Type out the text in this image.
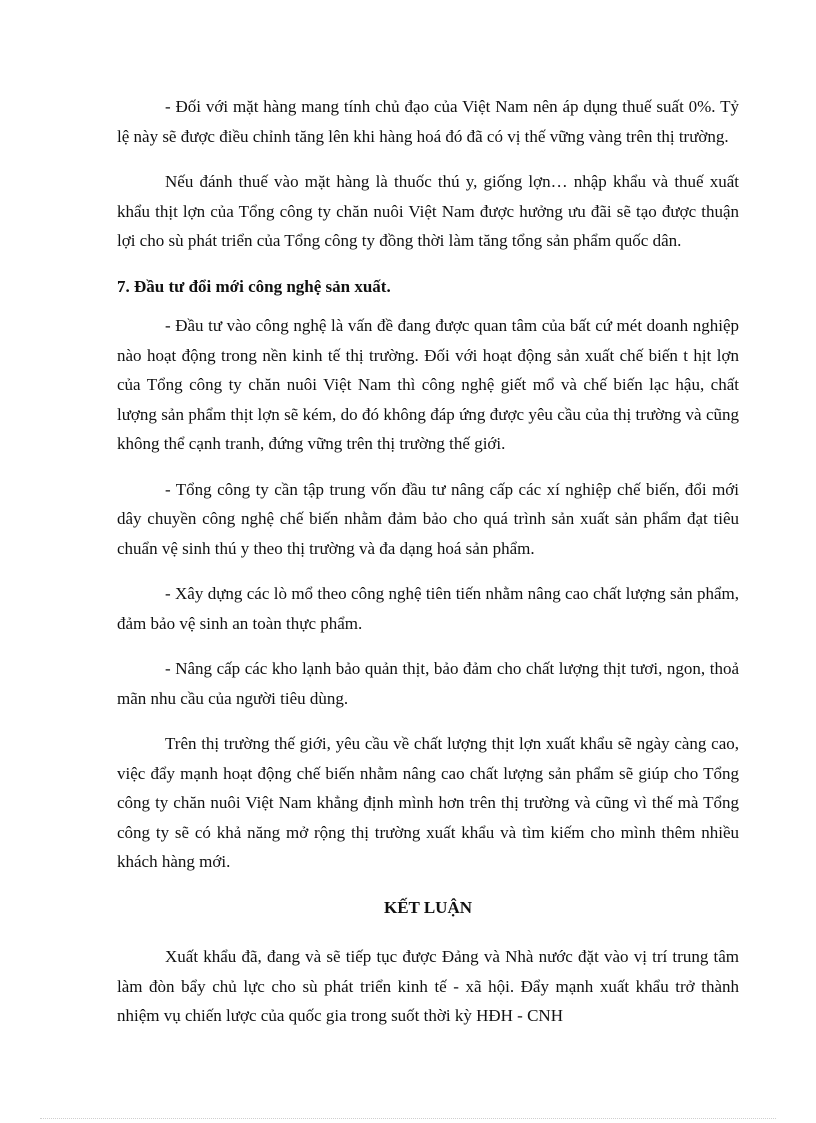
- Đối với mặt hàng mang tính chủ đạo của Việt Nam nên áp dụng thuế suất 0%. Tỷ lệ này sẽ được điều chỉnh tăng lên khi hàng hoá đó đã có vị thế vững vàng trên thị trường.

Nếu đánh thuế vào mặt hàng là thuốc thú y, giống lợn… nhập khẩu và thuế xuất khẩu thịt lợn của Tổng công ty chăn nuôi Việt Nam được hưởng ưu đãi sẽ tạo được thuận lợi cho sù phát triển của Tổng công ty đồng thời làm tăng tổng sản phẩm quốc dân.

7. Đầu tư đổi mới công nghệ sản xuất.

- Đầu tư vào công nghệ là vấn đề đang được quan tâm của bất cứ mét doanh nghiệp nào hoạt động trong nền kinh tế thị trường. Đối với hoạt động sản xuất chế biến t hịt lợn của Tổng công ty chăn nuôi Việt Nam thì công nghệ giết mổ và chế biến lạc hậu, chất lượng sản phẩm thịt lợn sẽ kém, do đó không đáp ứng được yêu cầu của thị trường và cũng không thể cạnh tranh, đứng vững trên thị trường thế giới.

- Tổng công ty cần tập trung vốn đầu tư nâng cấp các xí nghiệp chế biến, đổi mới dây chuyền công nghệ chế biến nhằm đảm bảo cho quá trình sản xuất sản phẩm đạt tiêu chuẩn vệ sinh thú y theo thị trường và đa dạng hoá sản phẩm.

- Xây dựng các lò mổ theo công nghệ tiên tiến nhằm nâng cao chất lượng sản phẩm, đảm bảo vệ sinh an toàn thực phẩm.

- Nâng cấp các kho lạnh bảo quản thịt, bảo đảm cho chất lượng thịt tươi, ngon, thoả mãn nhu cầu của người tiêu dùng.

Trên thị trường thế giới, yêu cầu về chất lượng thịt lợn xuất khẩu sẽ ngày càng cao, việc đẩy mạnh hoạt động chế biến nhằm nâng cao chất lượng sản phẩm sẽ giúp cho Tổng công ty chăn nuôi Việt Nam khẳng định mình hơn trên thị trường và cũng vì thế mà Tổng công ty sẽ có khả năng mở rộng thị trường xuất khẩu và tìm kiếm cho mình thêm nhiều khách hàng mới.

KẾT LUẬN

Xuất khẩu đã, đang và sẽ tiếp tục được Đảng và Nhà nước đặt vào vị trí trung tâm làm đòn bẩy chủ lực cho sù phát triển kinh tế - xã hội. Đẩy mạnh xuất khẩu trở thành nhiệm vụ chiến lược của quốc gia trong suốt thời kỳ HĐH - CNH
